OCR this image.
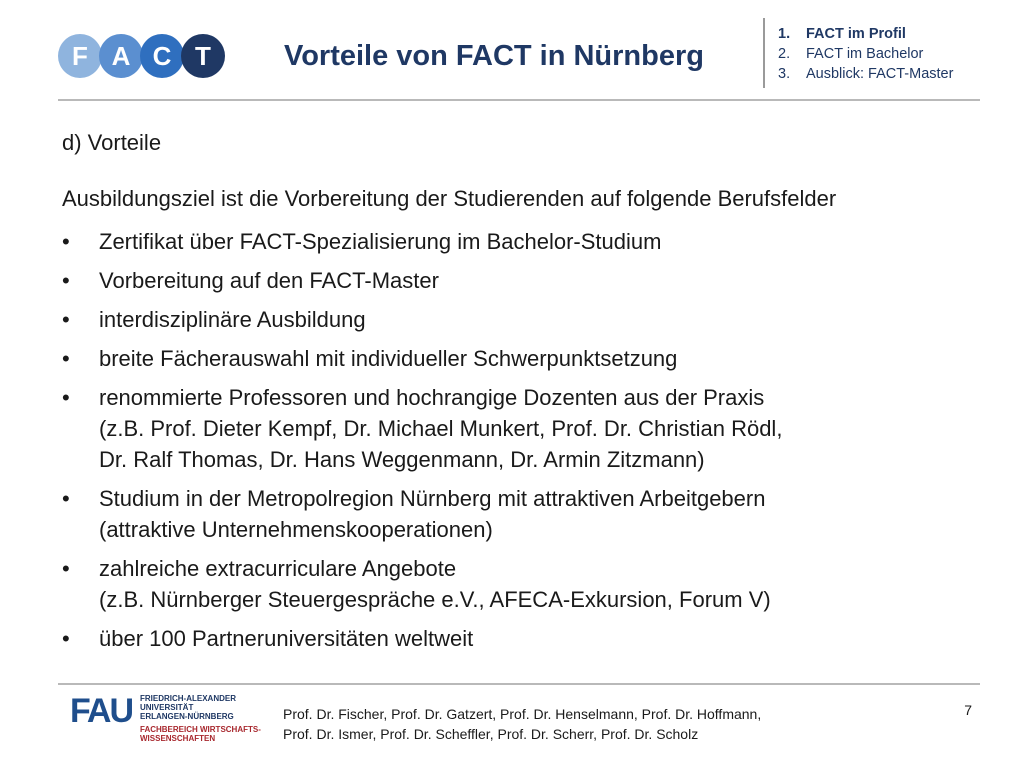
F A C T	Vorteile von FACT in Nürnberg
1.	FACT im Profil
2.	FACT im Bachelor
3.	Ausblick: FACT-Master
d) Vorteile
Ausbildungsziel ist die Vorbereitung der Studierenden auf folgende Berufsfelder
•	Zertifikat über FACT-Spezialisierung im Bachelor-Studium
•	Vorbereitung auf den FACT-Master
•	interdisziplinäre Ausbildung
•	breite Fächerauswahl mit individueller Schwerpunktsetzung
•	renommierte Professoren und hochrangige Dozenten aus der Praxis
(z.B. Prof. Dieter Kempf, Dr. Michael Munkert, Prof. Dr. Christian Rödl,
Dr. Ralf Thomas, Dr. Hans Weggenmann, Dr. Armin Zitzmann)
•	Studium in der Metropolregion Nürnberg mit attraktiven Arbeitgebern
(attraktive Unternehmenskooperationen)
•	zahlreiche extracurriculare Angebote
(z.B. Nürnberger Steuergespräche e.V., AFECA-Exkursion, Forum V)
•	über 100 Partneruniversitäten weltweit
FAU FRIEDRICH-ALEXANDER
UNIVERSITÄT
ERLANGEN-NÜRNBERG
FACHBEREICH WIRTSCHAFTS-
WISSENSCHAFTEN
Prof. Dr. Fischer, Prof. Dr. Gatzert, Prof. Dr. Henselmann, Prof. Dr. Hoffmann,
Prof. Dr. Ismer, Prof. Dr. Scheffler, Prof. Dr. Scherr, Prof. Dr. Scholz
7
